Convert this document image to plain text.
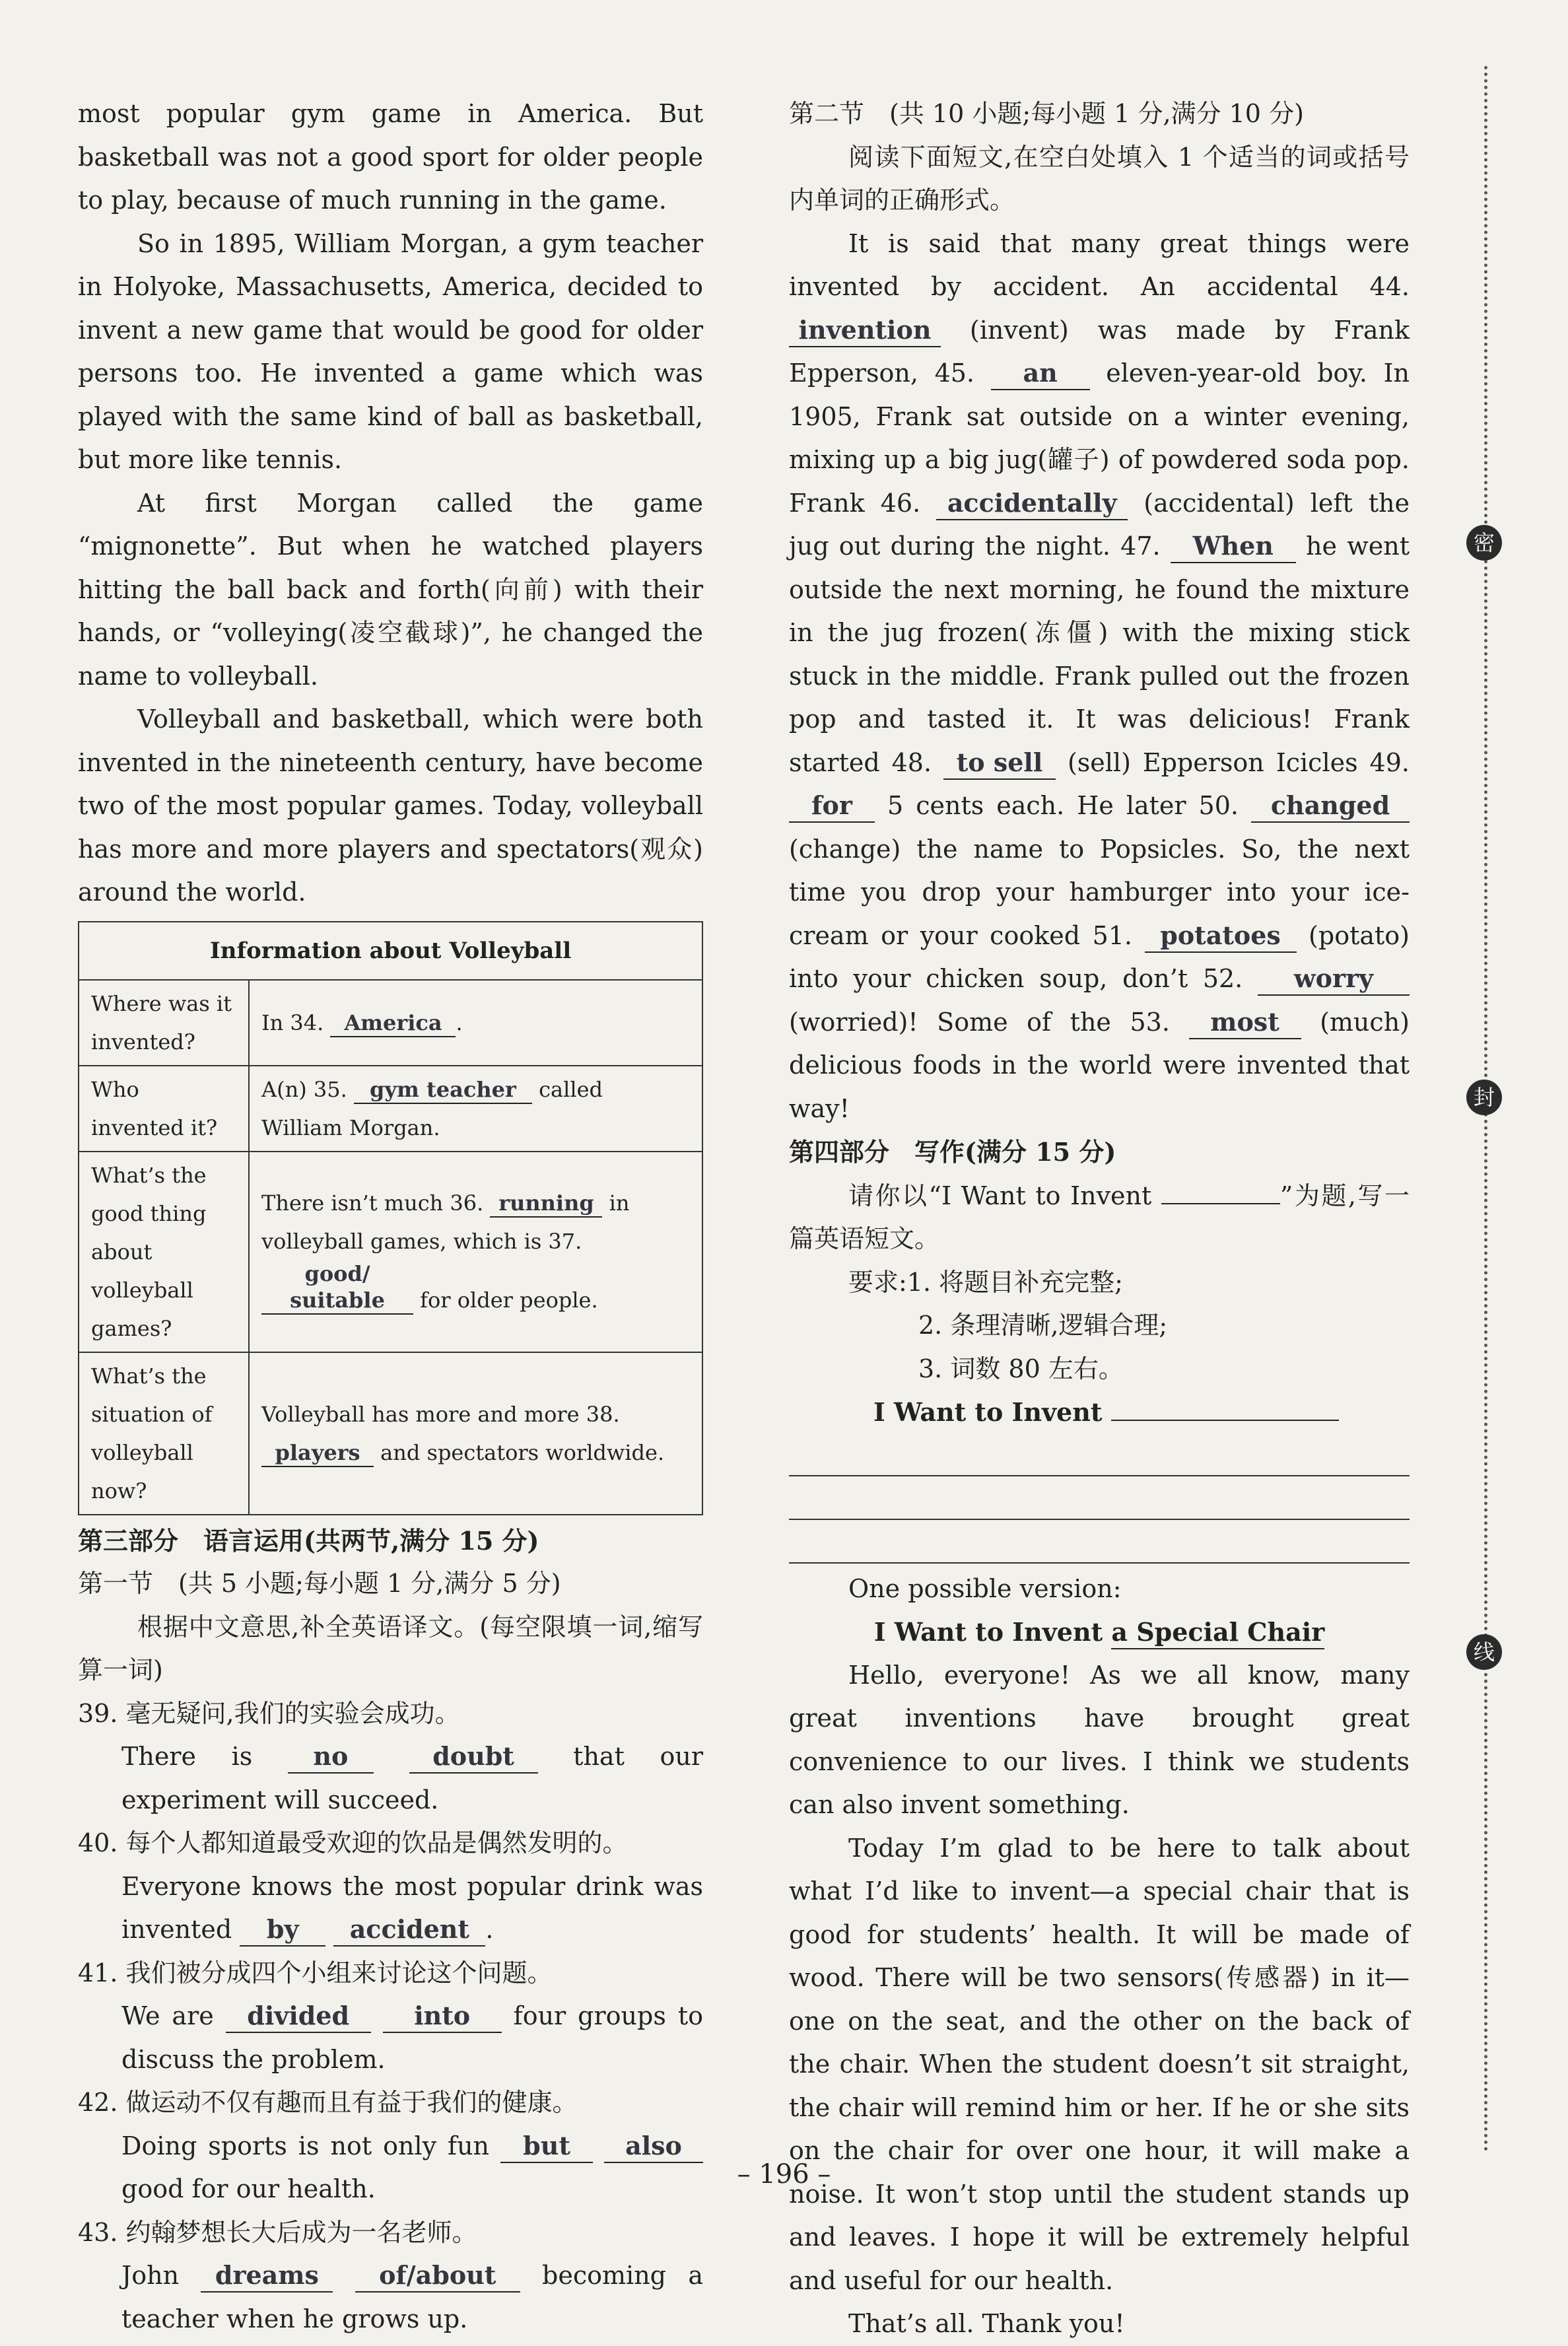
most popular gym game in America. But basketball was not a good sport for older people to play, because of much running in the game.

So in 1895, William Morgan, a gym teacher in Holyoke, Massachusetts, America, decided to invent a new game that would be good for older persons too. He invented a game which was played with the same kind of ball as basketball, but more like tennis.

At first Morgan called the game “mignonette”. But when he watched players hitting the ball back and forth(向前) with their hands, or “volleying(凌空截球)”, he changed the name to volleyball.

Volleyball and basketball, which were both invented in the nineteenth century, have become two of the most popular games. Today, volleyball has more and more players and spectators(观众) around the world.

Information about Volleyball	
Where was it invented?	In 34. America .
Who invented it?	A(n) 35. gym teacher called William Morgan.
What’s the good thing about volleyball games?	There isn’t much 36. running in volleyball games, which is 37. good/ suitable for older people.
What’s the situation of volleyball now?	Volleyball has more and more 38. players and spectators worldwide.

第三部分　语言运用(共两节,满分 15 分)

第一节　(共 5 小题;每小题 1 分,满分 5 分)

根据中文意思,补全英语译文。(每空限填一词,缩写算一词)

39. 毫无疑问,我们的实验会成功。
There is no	doubt that our experiment will succeed.
40. 每个人都知道最受欢迎的饮品是偶然发明的。
Everyone knows the most popular drink was invented by accident .
41. 我们被分成四个小组来讨论这个问题。
We are divided	into four groups to discuss the problem.
42. 做运动不仅有趣而且有益于我们的健康。
Doing sports is not only fun but also good for our health.
43. 约翰梦想长大后成为一名老师。
John dreams of/about becoming a teacher when he grows up.

第二节　(共 10 小题;每小题 1 分,满分 10 分)

阅读下面短文,在空白处填入 1 个适当的词或括号内单词的正确形式。

It is said that many great things were invented by accident. An accidental 44. invention (invent) was made by Frank Epperson, 45. an eleven-year-old boy. In 1905, Frank sat outside on a winter evening, mixing up a big jug(罐子) of powdered soda pop. Frank 46. accidentally (accidental) left the jug out during the night. 47. When he went outside the next morning, he found the mixture in the jug frozen(冻僵) with the mixing stick stuck in the middle. Frank pulled out the frozen pop and tasted it. It was delicious! Frank started 48. to sell (sell) Epperson Icicles 49. for 5 cents each. He later 50. changed (change) the name to Popsicles. So, the next time you drop your hamburger into your ice-cream or your cooked 51. potatoes (potato) into your chicken soup, don’t 52. worry (worried)! Some of the 53. most (much) delicious foods in the world were invented that way!

第四部分　写作(满分 15 分)

请你以“I Want to Invent	”为题,写一篇英语短文。

要求:1. 将题目补充完整;

2. 条理清晰,逻辑合理;

3. 词数 80 左右。

I Want to Invent

One possible version:

I Want to Invent a Special Chair

Hello, everyone! As we all know, many great inventions have brought great convenience to our lives. I think we students can also invent something.

Today I’m glad to be here to talk about what I’d like to invent—a special chair that is good for students’ health. It will be made of wood. There will be two sensors(传感器) in it—one on the seat, and the other on the back of the chair. When the student doesn’t sit straight, the chair will remind him or her. If he or she sits on the chair for over one hour, it will make a noise. It won’t stop until the student stands up and leaves. I hope it will be extremely helpful and useful for our health.

That’s all. Thank you!

密
封
线
– 196 –
